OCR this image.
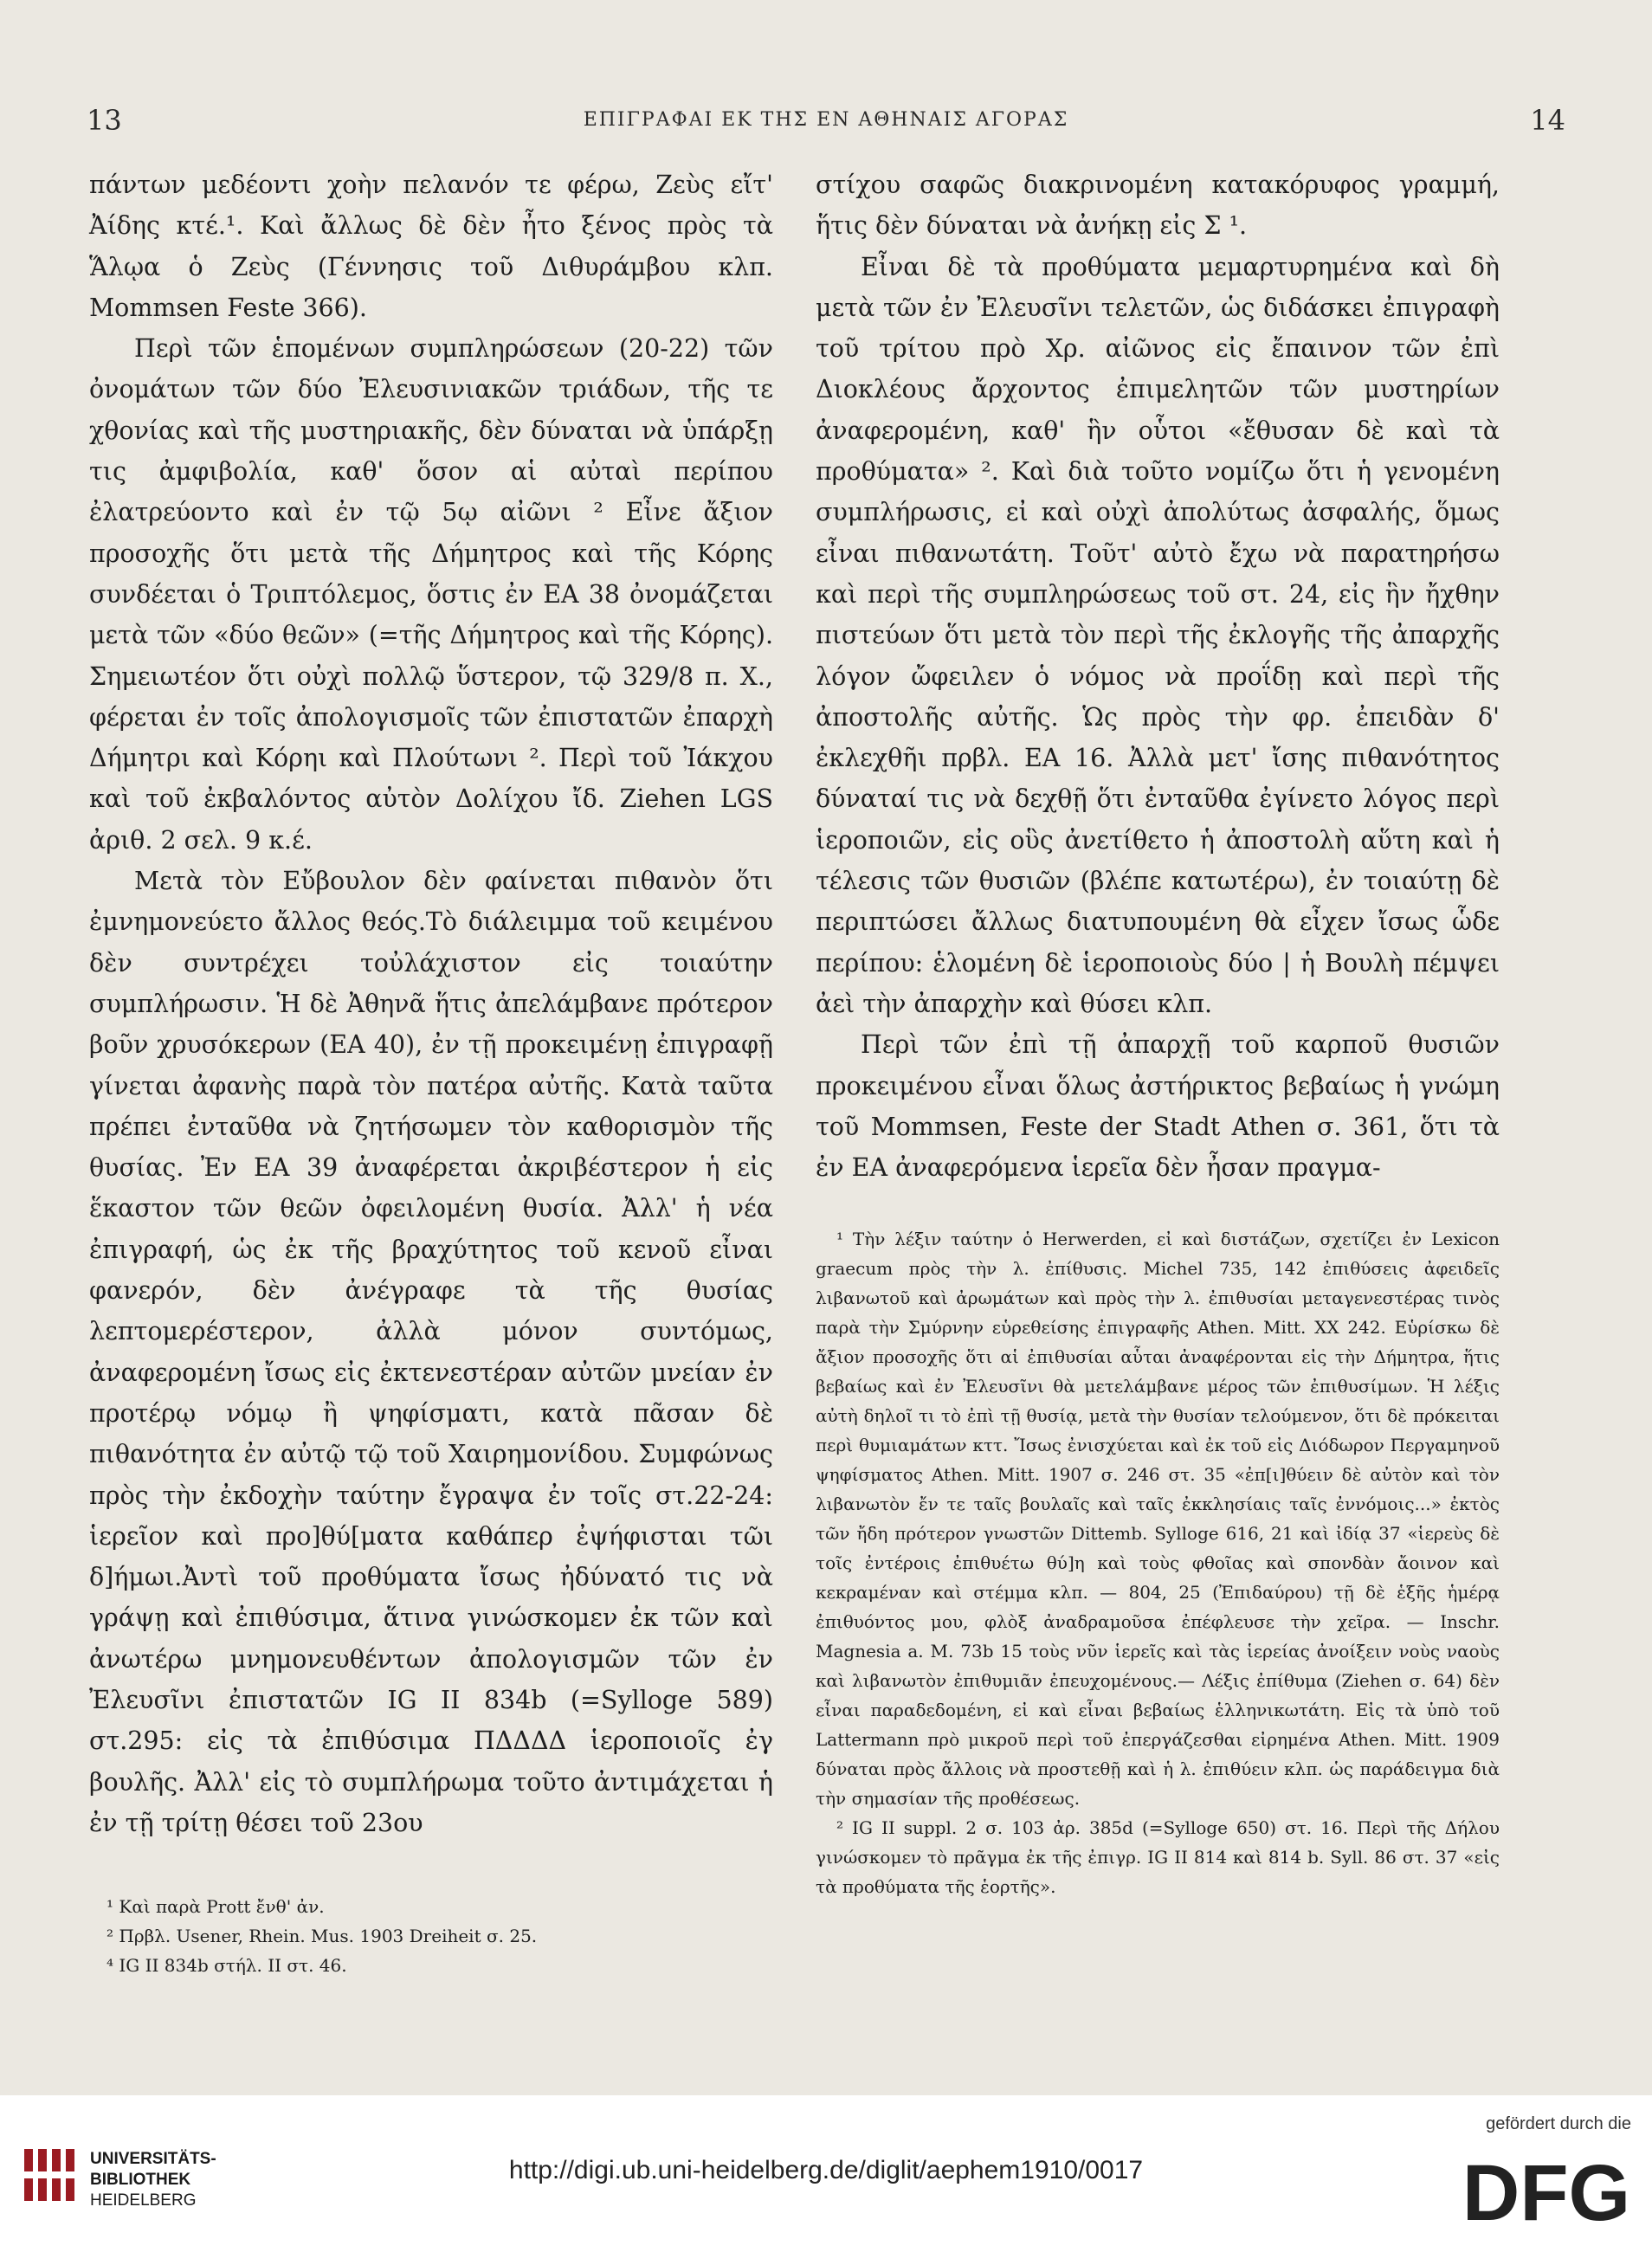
13	ΕΠΙΓΡΑΦΑΙ ΕΚ ΤΗΣ ΕΝ ΑΘΗΝΑΙΣ ΑΓΟΡΑΣ	14

πάντων μεδέοντι χοὴν πελανόν τε φέρω, Ζεὺς εἴτ' Ἀίδης κτέ.¹. Καὶ ἄλλως δὲ δὲν ἦτο ξένος πρὸς τὰ Ἅλῳα ὁ Ζεὺς (Γέννησις τοῦ Διθυράμβου κλπ. Mommsen Feste 366).

Περὶ τῶν ἑπομένων συμπληρώσεων (20-22) τῶν ὀνομάτων τῶν δύο Ἐλευσινιακῶν τριάδων, τῆς τε χθονίας καὶ τῆς μυστηριακῆς, δὲν δύναται νὰ ὑπάρξῃ τις ἀμφιβολία, καθ' ὅσον αἱ αὐταὶ περίπου ἐλατρεύοντο καὶ ἐν τῷ 5ῳ αἰῶνι ² Εἶνε ἄξιον προσοχῆς ὅτι μετὰ τῆς Δήμητρος καὶ τῆς Κόρης συνδέεται ὁ Τριπτόλεμος, ὅστις ἐν ΕΑ 38 ὀνομάζεται μετὰ τῶν «δύο θεῶν» (=τῆς Δήμητρος καὶ τῆς Κόρης). Σημειωτέον ὅτι οὐχὶ πολλῷ ὕστερον, τῷ 329/8 π. Χ., φέρεται ἐν τοῖς ἀπολογισμοῖς τῶν ἐπιστατῶν ἐπαρχὴ Δήμητρι καὶ Κόρηι καὶ Πλούτωνι ². Περὶ τοῦ Ἰάκχου καὶ τοῦ ἐκβαλόντος αὐτὸν Δολίχου ἴδ. Ziehen LGS ἀριθ. 2 σελ. 9 κ.έ.

Μετὰ τὸν Εὔβουλον δὲν φαίνεται πιθανὸν ὅτι ἐμνημονεύετο ἄλλος θεός.Τὸ διάλειμμα τοῦ κειμένου δὲν συντρέχει τοὐλάχιστον εἰς τοιαύτην συμπλήρωσιν. Ἡ δὲ Ἀθηνᾶ ἥτις ἀπελάμβανε πρότερον βοῦν χρυσόκερων (ΕΑ 40), ἐν τῇ προκειμένῃ ἐπιγραφῇ γίνεται ἀφανὴς παρὰ τὸν πατέρα αὐτῆς. Κατὰ ταῦτα πρέπει ἐνταῦθα νὰ ζητήσωμεν τὸν καθορισμὸν τῆς θυσίας. Ἐν ΕΑ 39 ἀναφέρεται ἀκριβέστερον ἡ εἰς ἕκαστον τῶν θεῶν ὀφειλομένη θυσία. Ἀλλ' ἡ νέα ἐπιγραφή, ὡς ἐκ τῆς βραχύτητος τοῦ κενοῦ εἶναι φανερόν, δὲν ἀνέγραφε τὰ τῆς θυσίας λεπτομερέστερον, ἀλλὰ μόνον συντόμως, ἀναφερομένη ἴσως εἰς ἐκτενεστέραν αὐτῶν μνείαν ἐν προτέρῳ νόμῳ ἢ ψηφίσματι, κατὰ πᾶσαν δὲ πιθανότητα ἐν αὐτῷ τῷ τοῦ Χαιρημονίδου. Συμφώνως πρὸς τὴν ἐκδοχὴν ταύτην ἔγραψα ἐν τοῖς στ.22-24: ἱερεῖον καὶ προ]θύ[ματα καθάπερ ἐψήφισται τῶι δ]ήμωι.Ἀντὶ τοῦ προθύματα ἴσως ἠδύνατό τις νὰ γράψῃ καὶ ἐπιθύσιμα, ἅτινα γινώσκομεν ἐκ τῶν καὶ ἀνωτέρω μνημονευθέντων ἀπολογισμῶν τῶν ἐν Ἐλευσῖνι ἐπιστατῶν IG II 834b (=Sylloge 589) στ.295: εἰς τὰ ἐπιθύσιμα ΠΔΔΔΔ ἱεροποιοῖς ἐγ βουλῆς. Ἀλλ' εἰς τὸ συμπλήρωμα τοῦτο ἀντιμάχεται ἡ ἐν τῇ τρίτῃ θέσει τοῦ 23ου

¹ Καὶ παρὰ Prott ἔνθ' ἀν.

² Πρβλ. Usener, Rhein. Mus. 1903 Dreiheit σ. 25.

⁴ IG II 834b στήλ. II στ. 46.

στίχου σαφῶς διακρινομένη κατακόρυφος γραμμή, ἥτις δὲν δύναται νὰ ἀνήκῃ εἰς Σ ¹.

Εἶναι δὲ τὰ προθύματα μεμαρτυρημένα καὶ δὴ μετὰ τῶν ἐν Ἐλευσῖνι τελετῶν, ὡς διδάσκει ἐπιγραφὴ τοῦ τρίτου πρὸ Χρ. αἰῶνος εἰς ἔπαινον τῶν ἐπὶ Διοκλέους ἄρχοντος ἐπιμελητῶν τῶν μυστηρίων ἀναφερομένη, καθ' ἣν οὗτοι «ἔθυσαν δὲ καὶ τὰ προθύματα» ². Καὶ διὰ τοῦτο νομίζω ὅτι ἡ γενομένη συμπλήρωσις, εἰ καὶ οὐχὶ ἀπολύτως ἀσφαλής, ὅμως εἶναι πιθανωτάτη. Τοῦτ' αὐτὸ ἔχω νὰ παρατηρήσω καὶ περὶ τῆς συμπληρώσεως τοῦ στ. 24, εἰς ἣν ἤχθην πιστεύων ὅτι μετὰ τὸν περὶ τῆς ἐκλογῆς τῆς ἀπαρχῆς λόγον ὤφειλεν ὁ νόμος νὰ προΐδῃ καὶ περὶ τῆς ἀποστολῆς αὐτῆς. Ὡς πρὸς τὴν φρ. ἐπειδὰν δ' ἐκλεχθῆι πρβλ. ΕΑ 16. Ἀλλὰ μετ' ἴσης πιθανότητος δύναταί τις νὰ δεχθῇ ὅτι ἐνταῦθα ἐγίνετο λόγος περὶ ἱεροποιῶν, εἰς οὓς ἀνετίθετο ἡ ἀποστολὴ αὕτη καὶ ἡ τέλεσις τῶν θυσιῶν (βλέπε κατωτέρω), ἐν τοιαύτῃ δὲ περιπτώσει ἄλλως διατυπουμένη θὰ εἶχεν ἴσως ὧδε περίπου: ἑλομένη δὲ ἱεροποιοὺς δύο | ἡ Βουλὴ πέμψει ἀεὶ τὴν ἀπαρχὴν καὶ θύσει κλπ.

Περὶ τῶν ἐπὶ τῇ ἀπαρχῇ τοῦ καρποῦ θυσιῶν προκειμένου εἶναι ὅλως ἀστήρικτος βεβαίως ἡ γνώμη τοῦ Mommsen, Feste der Stadt Athen σ. 361, ὅτι τὰ ἐν ΕΑ ἀναφερόμενα ἱερεῖα δὲν ἦσαν πραγμα-

¹ Τὴν λέξιν ταύτην ὁ Herwerden, εἰ καὶ διστάζων, σχετίζει ἐν Lexicon graecum πρὸς τὴν λ. ἐπίθυσις. Michel 735, 142 ἐπιθύσεις ἀφειδεῖς λιβανωτοῦ καὶ ἀρωμάτων καὶ πρὸς τὴν λ. ἐπιθυσίαι μεταγενεστέρας τινὸς παρὰ τὴν Σμύρνην εὑρεθείσης ἐπιγραφῆς Athen. Mitt. XX 242. Εὑρίσκω δὲ ἄξιον προσοχῆς ὅτι αἱ ἐπιθυσίαι αὗται ἀναφέρονται εἰς τὴν Δήμητρα, ἥτις βεβαίως καὶ ἐν Ἐλευσῖνι θὰ μετελάμβανε μέρος τῶν ἐπιθυσίμων. Ἡ λέξις αὐτὴ δηλοῖ τι τὸ ἐπὶ τῇ θυσίᾳ, μετὰ τὴν θυσίαν τελούμενον, ὅτι δὲ πρόκειται περὶ θυμιαμάτων κττ. Ἴσως ἐνισχύεται καὶ ἐκ τοῦ εἰς Διόδωρον Περγαμηνοῦ ψηφίσματος Athen. Mitt. 1907 σ. 246 στ. 35 «ἐπ[ι]θύειν δὲ αὐτὸν καὶ τὸν λιβανωτὸν ἔν τε ταῖς βουλαῖς καὶ ταῖς ἐκκλησίαις ταῖς ἐννόμοις...» ἐκτὸς τῶν ἤδη πρότερον γνωστῶν Dittemb. Sylloge 616, 21 καὶ ἰδίᾳ 37 «ἱερεὺς δὲ τοῖς ἐντέροις ἐπιθυέτω θύ]η καὶ τοὺς φθοῖας καὶ σπονδὰν ἄοινον καὶ κεκραμέναν καὶ στέμμα κλπ. — 804, 25 (Ἐπιδαύρου) τῇ δὲ ἑξῆς ἡμέρᾳ ἐπιθυόντος μου, φλὸξ ἀναδραμοῦσα ἐπέφλευσε τὴν χεῖρα. — Inschr. Magnesia a. M. 73b 15 τοὺς νῦν ἱερεῖς καὶ τὰς ἱερείας ἀνοίξειν νοὺς ναοὺς καὶ λιβανωτὸν ἐπιθυμιᾶν ἐπευχομένους.— Λέξις ἐπίθυμα (Ziehen σ. 64) δὲν εἶναι παραδεδομένη, εἰ καὶ εἶναι βεβαίως ἑλληνικωτάτη. Εἰς τὰ ὑπὸ τοῦ Lattermann πρὸ μικροῦ περὶ τοῦ ἐπεργάζεσθαι εἰρημένα Athen. Mitt. 1909 δύναται πρὸς ἄλλοις νὰ προστεθῇ καὶ ἡ λ. ἐπιθύειν κλπ. ὡς παράδειγμα διὰ τὴν σημασίαν τῆς προθέσεως.

² IG II suppl. 2 σ. 103 ἀρ. 385d (=Sylloge 650) στ. 16. Περὶ τῆς Δήλου γινώσκομεν τὸ πρᾶγμα ἐκ τῆς ἐπιγρ. IG II 814 καὶ 814 b. Syll. 86 στ. 37 «εἰς τὰ προθύματα τῆς ἑορτῆς».

UNIVERSITÄTS-
BIBLIOTHEK
HEIDELBERG
http://digi.ub.uni-heidelberg.de/diglit/aephem1910/0017
gefördert durch die
DFG
